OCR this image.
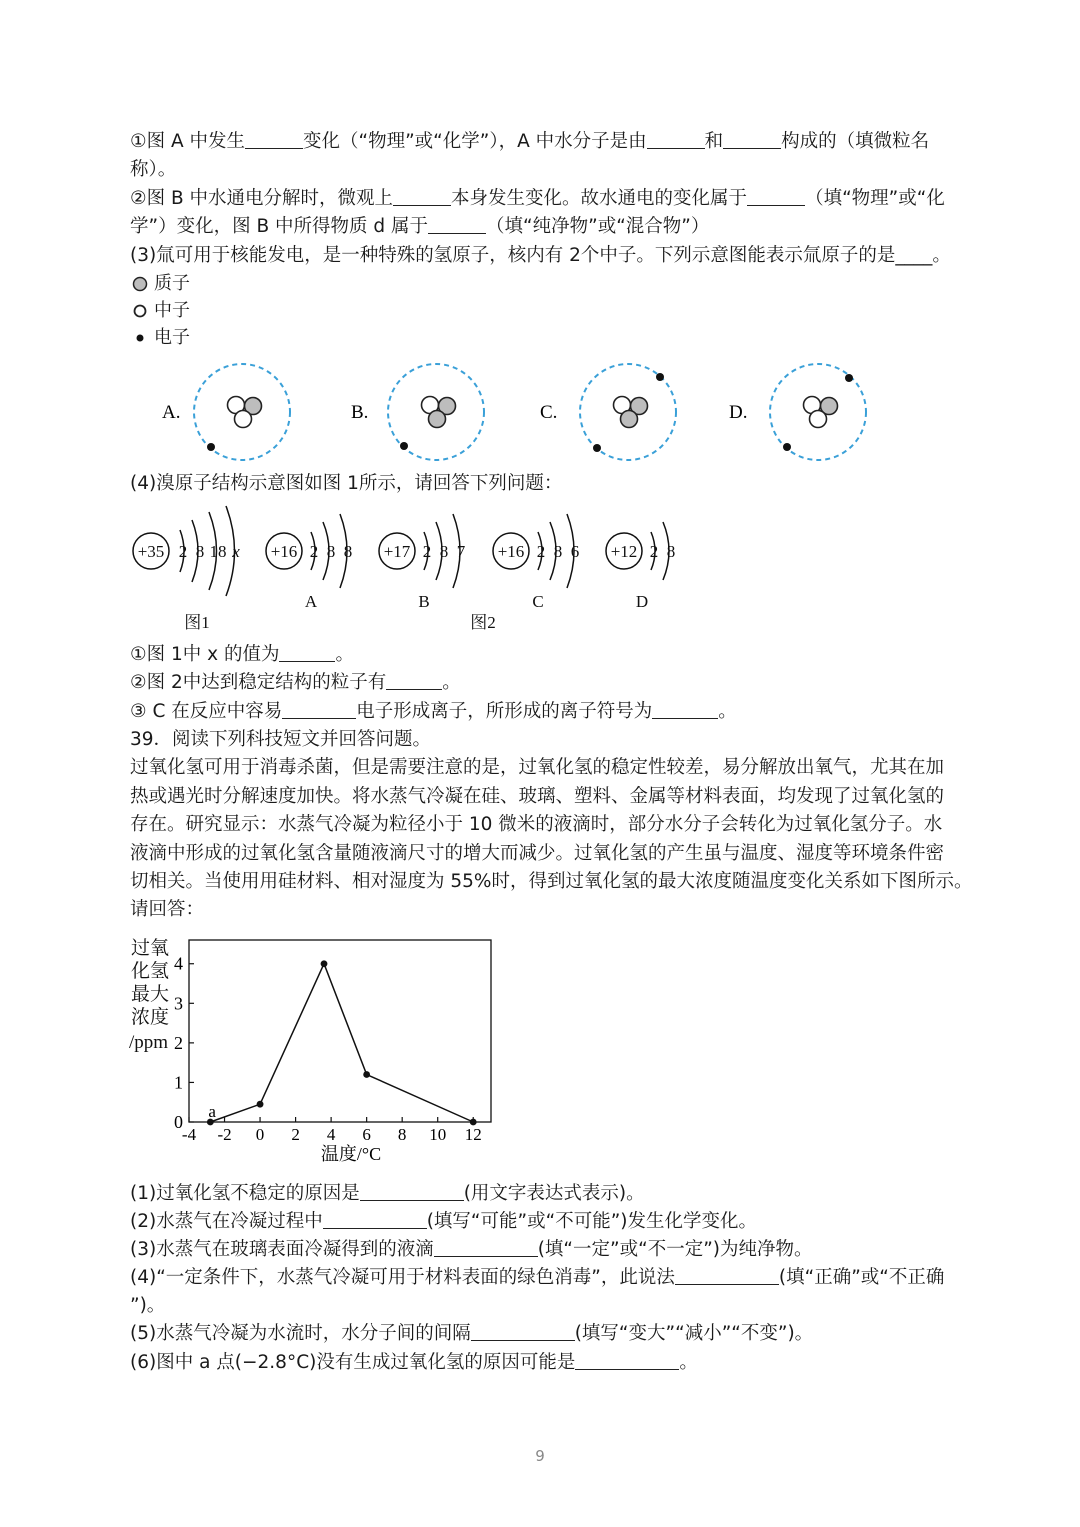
①图 A 中发生	变化（“物理”或“化学”），A 中水分子是由	和	构成的（填微粒名
称）。
②图 B 中水通电分解时，微观上	本身发生变化。故水通电的变化属于	（填“物理”或“化
学”）变化，图 B 中所得物质 d 属于	（填“纯净物”或“混合物”）
(3)氚可用于核能发电，是一种特殊的氢原子，核内有 2个中子。下列示意图能表示氚原子的是____。
质子
中子
电子
A.	B.	C.	D.
(4)溴原子结构示意图如图 1所示，请回答下列问题：
+35 2 8 18 x +16 2 8 8 +17 2 8 7 +16 2 8 6 +12 2 8
A	B	C	D
图1	图2
①图 1中 x 的值为	。
②图 2中达到稳定结构的粒子有	。
③ C 在反应中容易	电子形成离子，所形成的离子符号为	。
39．阅读下列科技短文并回答问题。
过氧化氢可用于消毒杀菌，但是需要注意的是，过氧化氢的稳定性较差，易分解放出氧气，尤其在加
热或遇光时分解速度加快。将水蒸气冷凝在硅、玻璃、塑料、金属等材料表面，均发现了过氧化氢的
存在。研究显示：水蒸气冷凝为粒径小于 10 微米的液滴时，部分水分子会转化为过氧化氢分子。水
液滴中形成的过氧化氢含量随液滴尺寸的增大而减少。过氧化氢的产生虽与温度、湿度等环境条件密
切相关。当使用用硅材料、相对湿度为 55%时，得到过氧化氢的最大浓度随温度变化关系如下图所示。
请回答：
过氧
化氢
最大
浓度
/ppm
0
1
2
3
4
-4 -2 0 2 4 6 8 10 12
a
温度/°C
(1)过氧化氢不稳定的原因是	(用文字表达式表示)。
(2)水蒸气在冷凝过程中	(填写“可能”或“不可能”)发生化学变化。
(3)水蒸气在玻璃表面冷凝得到的液滴	(填“一定”或“不一定”)为纯净物。
(4)“一定条件下，水蒸气冷凝可用于材料表面的绿色消毒”，此说法	(填“正确”或“不正确
”)。
(5)水蒸气冷凝为水流时，水分子间的间隔	(填写“变大”“减小”“不变”)。
(6)图中 a 点(−2.8°C)没有生成过氧化氢的原因可能是	。
9
